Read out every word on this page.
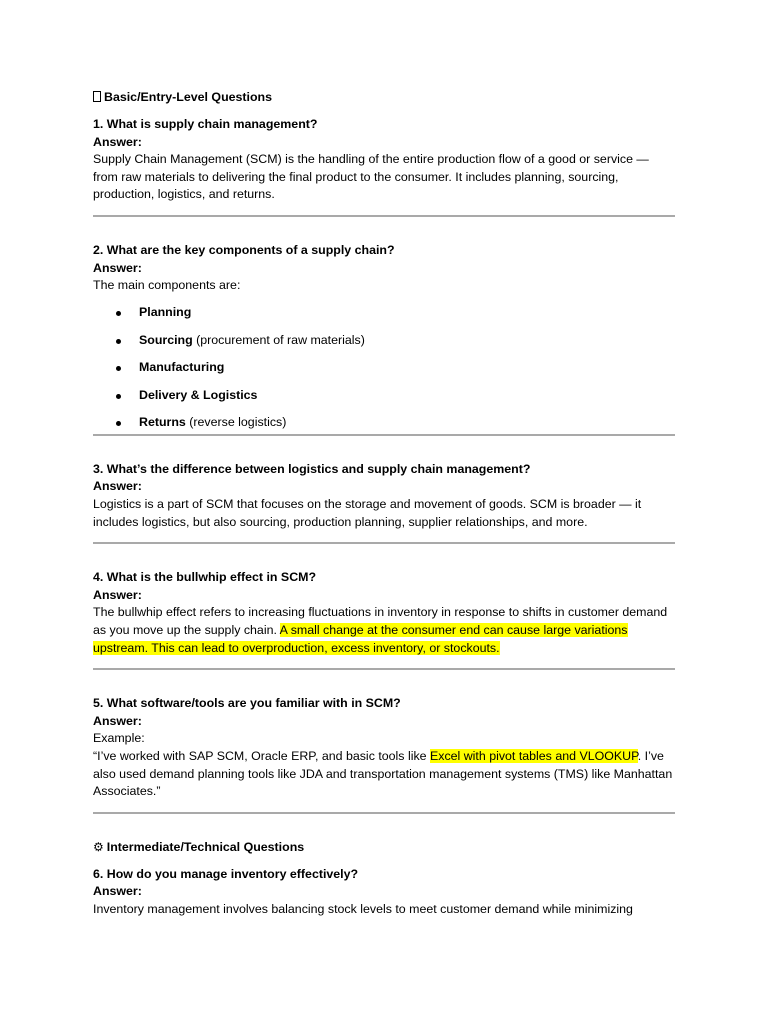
Basic/Entry-Level Questions

1. What is supply chain management?

Answer:

Supply Chain Management (SCM) is the handling of the entire production flow of a good or service — from raw materials to delivering the final product to the consumer. It includes planning, sourcing, production, logistics, and returns.

2. What are the key components of a supply chain?

Answer:

The main components are:

Planning
Sourcing (procurement of raw materials)
Manufacturing
Delivery & Logistics
Returns (reverse logistics)

3. What’s the difference between logistics and supply chain management?

Answer:

Logistics is a part of SCM that focuses on the storage and movement of goods. SCM is broader — it includes logistics, but also sourcing, production planning, supplier relationships, and more.

4. What is the bullwhip effect in SCM?

Answer:

The bullwhip effect refers to increasing fluctuations in inventory in response to shifts in customer demand as you move up the supply chain. A small change at the consumer end can cause large variations upstream. This can lead to overproduction, excess inventory, or stockouts.

5. What software/tools are you familiar with in SCM?

Answer:

Example:

“I’ve worked with SAP SCM, Oracle ERP, and basic tools like Excel with pivot tables and VLOOKUP. I’ve also used demand planning tools like JDA and transportation management systems (TMS) like Manhattan Associates.”

⚙ Intermediate/Technical Questions

6. How do you manage inventory effectively?

Answer:

Inventory management involves balancing stock levels to meet customer demand while minimizing
